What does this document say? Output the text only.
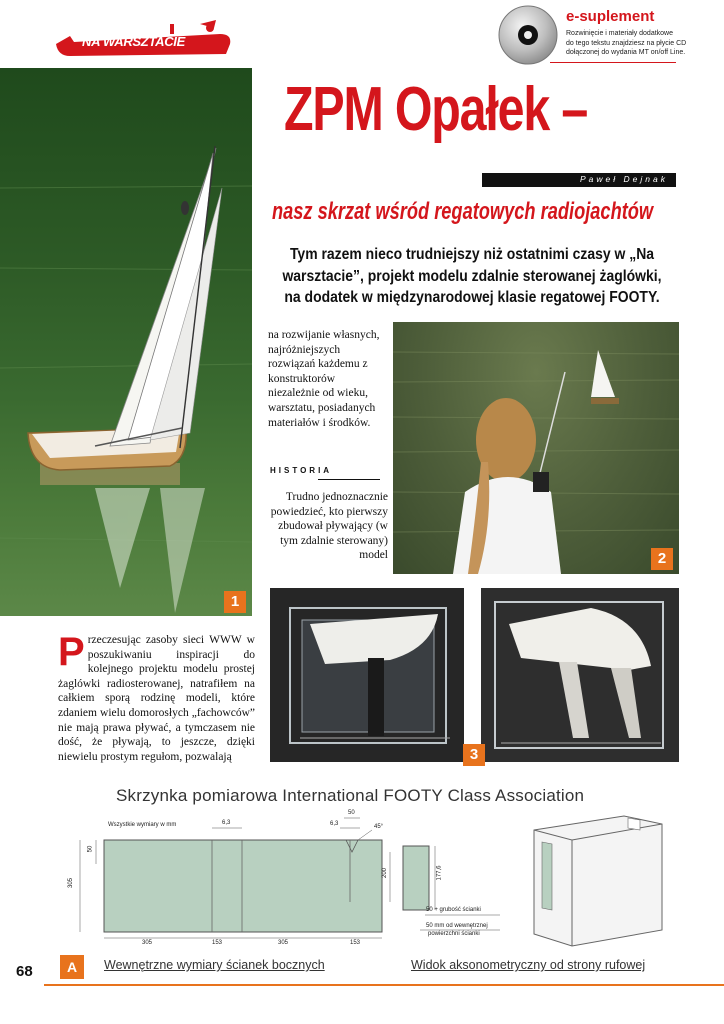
NA WARSZTACIE
e-suplement
Rozwinięcie i materiały dodatkowe
do tego tekstu znajdziesz na płycie CD
dołączonej do wydania MT on/off Line.
ZPM Opałek –
Paweł Dejnak
nasz skrzat wśród regatowych radiojachtów
Tym razem nieco trudniejszy niż ostatnimi czasy w „Na warsztacie”, projekt modelu zdalnie sterowanej żaglówki, na dodatek w międzynarodowej klasie regatowej FOOTY.
1
2
3

na rozwijanie własnych, najróżniejszych rozwiązań każdemu z konstruktorów niezależnie od wieku, warsztatu, posiadanych materiałów i środków.

HISTORIA

Trudno jednoznacznie powiedzieć, kto pierwszy zbudował pływający (w tym zdalnie sterowany) model

Przeczesując zasoby sieci WWW w poszukiwaniu inspiracji do kolejnego projektu modelu prostej żaglówki radiosterowanej, natrafiłem na całkiem sporą rodzinę modeli, które zdaniem wielu domorosłych „fachowców” nie mają prawa pływać, a tymczasem nie dość, że pływają, to jeszcze, dzięki niewielu prostym regułom, pozwalają
Skrzynka pomiarowa International FOOTY Class Association
Wszystkie wymiary w mm	6,3	6,3
50
45°
50
305
200	177,6
305	153	305	153
50 + grubość ścianki
50 mm od wewnętrznej
powierzchni ścianki
Wewnętrzne wymiary ścianek bocznych	Widok aksonometryczny od strony rufowej
68	A
